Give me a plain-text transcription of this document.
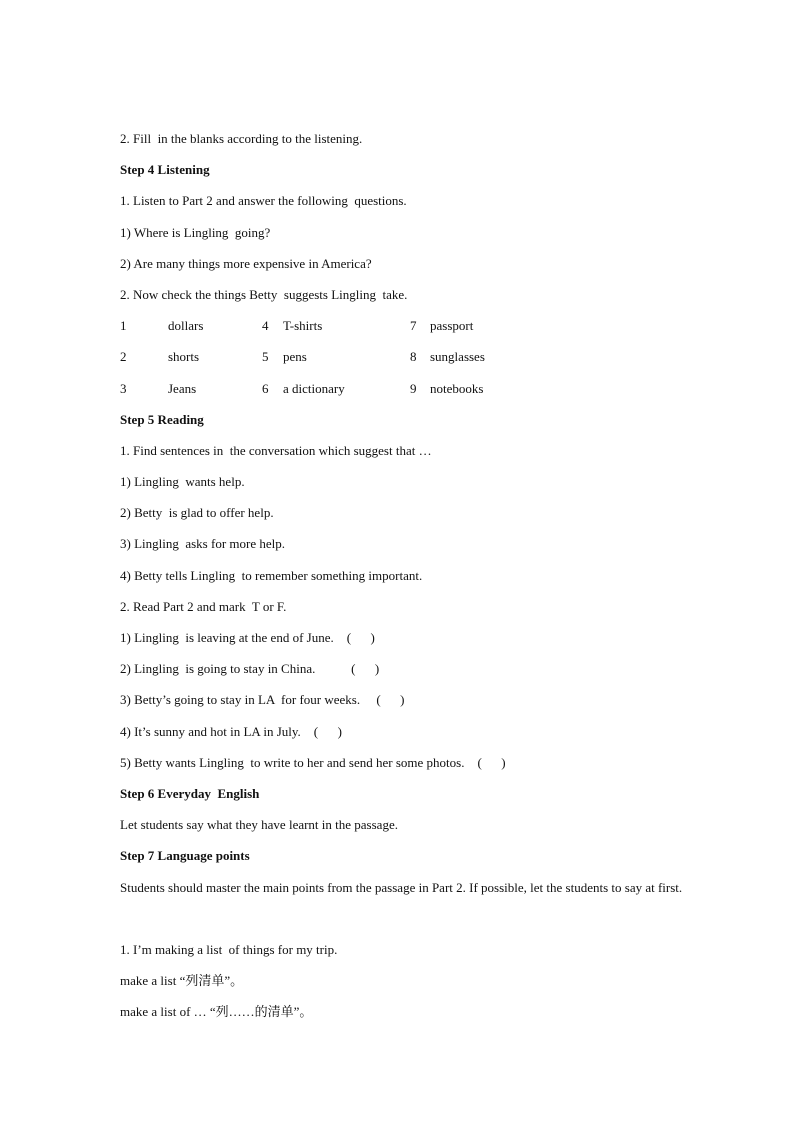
2. Fill  in the blanks according to the listening.
Step 4 Listening
1. Listen to Part 2 and answer the following  questions.
1) Where is Lingling  going?
2) Are many things more expensive in America?
2. Now check the things Betty  suggests Lingling  take.
1	dollars	4 T-shirts	7 passport
2	shorts	5 pens	8 sunglasses
3	Jeans	6 a dictionary	9 notebooks
Step 5 Reading
1. Find sentences in  the conversation which suggest that …
1) Lingling  wants help.
2) Betty  is glad to offer help.
3) Lingling  asks for more help.
4) Betty tells Lingling  to remember something important.
2. Read Part 2 and mark  T or F.
1) Lingling  is leaving at the end of June.    (      )
2) Lingling  is going to stay in China.           (      )
3) Betty’s going to stay in LA  for four weeks.     (      )
4) It’s sunny and hot in LA in July.    (      )
5) Betty wants Lingling  to write to her and send her some photos.    (      )
Step 6 Everyday  English
Let students say what they have learnt in the passage.
Step 7 Language points
Students should master the main points from the passage in Part 2. If possible, let the students to say at first.
1. I’m making a list  of things for my trip.
make a list “列清单”。
make a list of … “列……的清单”。
